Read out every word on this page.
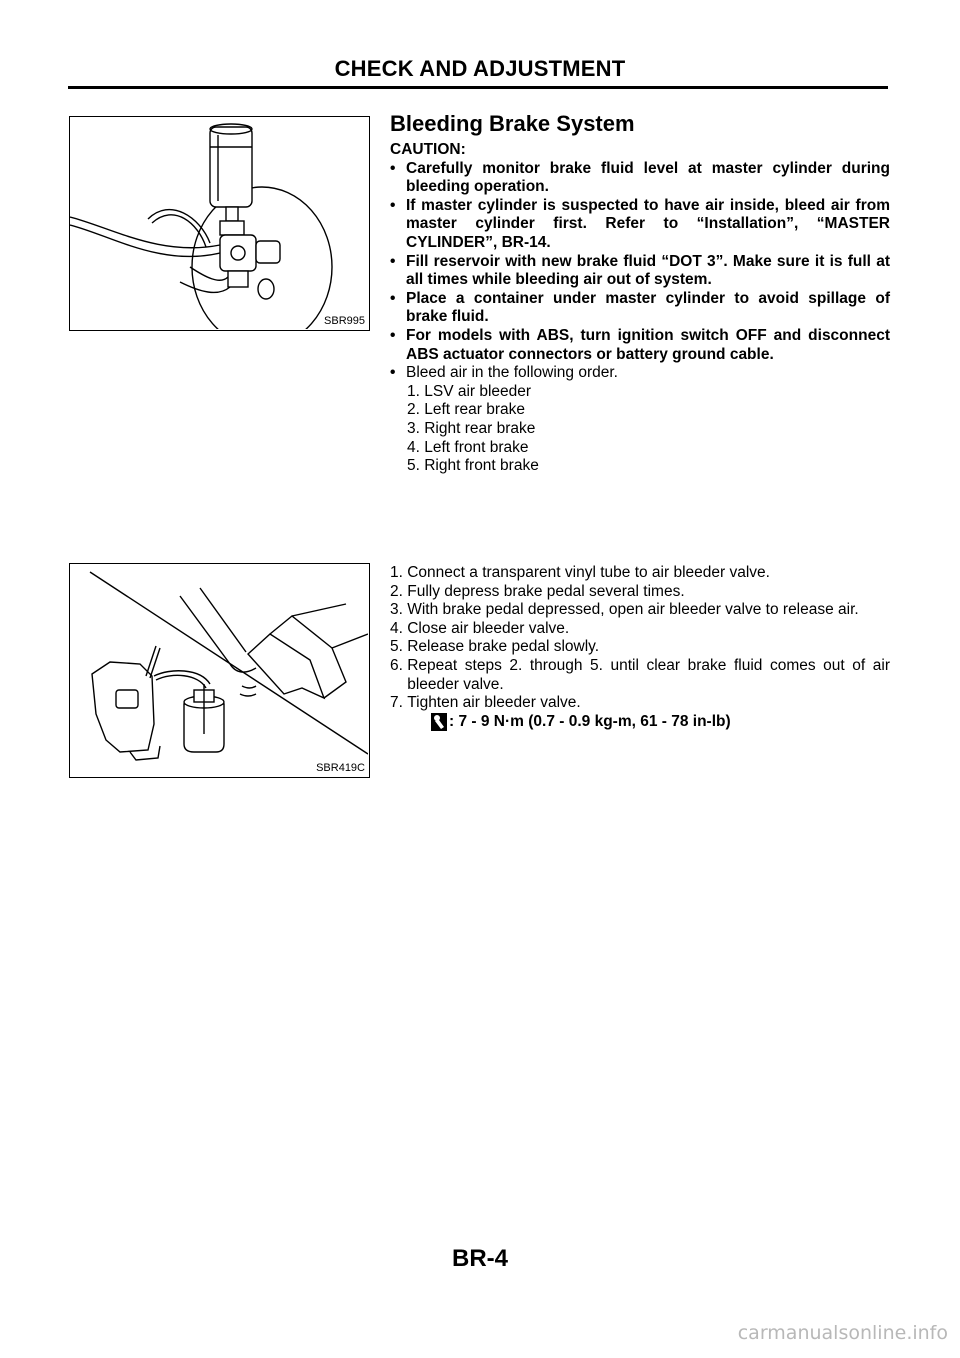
CHECK AND ADJUSTMENT
SBR995
Bleeding Brake System
CAUTION:
• Carefully monitor brake fluid level at master cylinder during bleeding operation.
• If master cylinder is suspected to have air inside, bleed air from master cylinder first. Refer to “Installation”, “MASTER CYLINDER”, BR-14.
• Fill reservoir with new brake fluid “DOT 3”. Make sure it is full at all times while bleeding air out of system.
• Place a container under master cylinder to avoid spillage of brake fluid.
• For models with ABS, turn ignition switch OFF and disconnect ABS actuator connectors or battery ground cable.
• Bleed air in the following order.
1. LSV air bleeder
2. Left rear brake
3. Right rear brake
4. Left front brake
5. Right front brake
SBR419C
1. Connect a transparent vinyl tube to air bleeder valve.
2. Fully depress brake pedal several times.
3. With brake pedal depressed, open air bleeder valve to release air.
4. Close air bleeder valve.
5. Release brake pedal slowly.
6. Repeat steps 2. through 5. until clear brake fluid comes out of air bleeder valve.
7. Tighten air bleeder valve.
: 7 - 9 N·m (0.7 - 0.9 kg-m, 61 - 78 in-lb)
BR-4
carmanualsonline.info
